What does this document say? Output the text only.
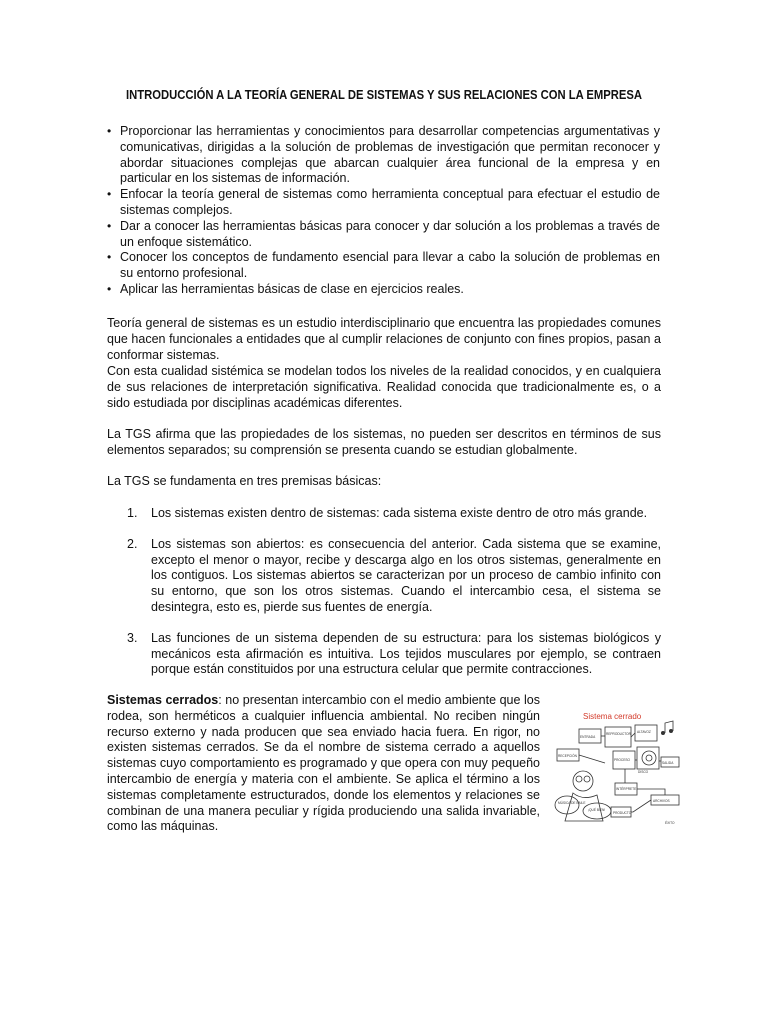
INTRODUCCIÓN A LA TEORÍA GENERAL DE SISTEMAS Y SUS RELACIONES CON LA EMPRESA
• Proporcionar las herramientas y conocimientos para desarrollar competencias argumentativas y comunicativas, dirigidas a la solución de problemas de investigación que permitan reconocer y abordar situaciones complejas que abarcan cualquier área funcional de la empresa y en particular en los sistemas de información.
• Enfocar la teoría general de sistemas como herramienta conceptual para efectuar el estudio de sistemas complejos.
• Dar a conocer las herramientas básicas para conocer y dar solución a los problemas a través de un enfoque sistemático.
• Conocer los conceptos de fundamento esencial para llevar a cabo la solución de problemas en su entorno profesional.
• Aplicar las herramientas básicas de clase en ejercicios reales.

Teoría general de sistemas es un estudio interdisciplinario que encuentra las propiedades comunes que hacen funcionales a entidades que al cumplir relaciones de conjunto con fines propios, pasan a conformar sistemas.

Con esta cualidad sistémica se modelan todos los niveles de la realidad conocidos, y en cualquiera de sus relaciones de interpretación significativa. Realidad conocida que tradicionalmente es, o a sido estudiada por disciplinas académicas diferentes.

La TGS afirma que las propiedades de los sistemas, no pueden ser descritos en términos de sus elementos separados; su comprensión se presenta cuando se estudian globalmente.

La TGS se fundamenta en tres premisas básicas:

1. Los sistemas existen dentro de sistemas: cada sistema existe dentro de otro más grande.
2. Los sistemas son abiertos: es consecuencia del anterior. Cada sistema que se examine, excepto el menor o mayor, recibe y descarga algo en los otros sistemas, generalmente en los contiguos. Los sistemas abiertos se caracterizan por un proceso de cambio infinito con su entorno, que son los otros sistemas. Cuando el intercambio cesa, el sistema se desintegra, esto es, pierde sus fuentes de energía.
3. Las funciones de un sistema dependen de su estructura: para los sistemas biológicos y mecánicos esta afirmación es intuitiva. Los tejidos musculares por ejemplo, se contraen porque están constituidos por una estructura celular que permite contracciones.

Sistemas cerrados: no presentan intercambio con el medio ambiente que los rodea, son herméticos a cualquier influencia ambiental. No reciben ningún recurso externo y nada producen que sea enviado hacia fuera. En rigor, no existen sistemas cerrados. Se da el nombre de sistema cerrado a aquellos sistemas cuyo comportamiento es programado y que opera con muy pequeño intercambio de energía y materia con el ambiente. Se aplica el término a los sistemas completamente estructurados, donde los elementos y relaciones se combinan de una manera peculiar y rígida produciendo una salida invariable, como las máquinas.

Sistema cerrado
ENTRADA
SALIDA
RECEPCIÓN
PROCESO
MÚSICA DE BAILE
REPRODUCTOR ALTAVOZ
¡QUÉ BIEN!
INTÉRPRETE
DISCO
ARCHIVOS
PRODUCTO
ÉXITO
